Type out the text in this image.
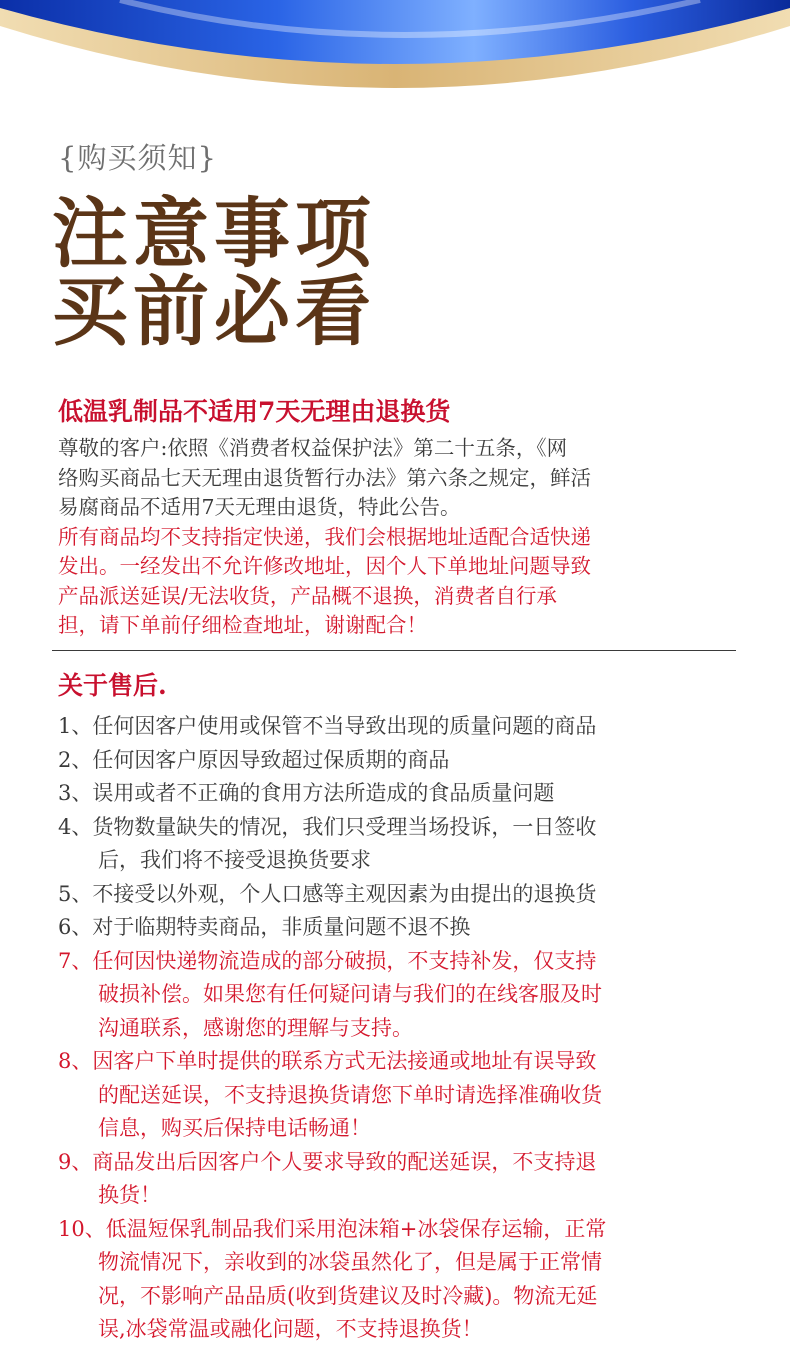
{购买须知}
注意事项
买前必看
低温乳制品不适用7天无理由退换货
尊敬的客户:依照《消费者权益保护法》第二十五条，《网
络购买商品七天无理由退货暂行办法》第六条之规定，鲜活
易腐商品不适用7天无理由退货，特此公告。
所有商品均不支持指定快递，我们会根据地址适配合适快递
发出。一经发出不允许修改地址，因个人下单地址问题导致
产品派送延误/无法收货，产品概不退换，消费者自行承
担，请下单前仔细检查地址，谢谢配合！
关于售后.
1、任何因客户使用或保管不当导致出现的质量问题的商品
2、任何因客户原因导致超过保质期的商品
3、误用或者不正确的食用方法所造成的食品质量问题
4、货物数量缺失的情况，我们只受理当场投诉，一日签收
后，我们将不接受退换货要求
5、不接受以外观，个人口感等主观因素为由提出的退换货
6、对于临期特卖商品，非质量问题不退不换
7、任何因快递物流造成的部分破损，不支持补发，仅支持
破损补偿。如果您有任何疑问请与我们的在线客服及时
沟通联系，感谢您的理解与支持。
8、因客户下单时提供的联系方式无法接通或地址有误导致
的配送延误，不支持退换货请您下单时请选择准确收货
信息，购买后保持电话畅通！
9、商品发出后因客户个人要求导致的配送延误，不支持退
换货！
10、低温短保乳制品我们采用泡沫箱+冰袋保存运输，正常
物流情况下，亲收到的冰袋虽然化了，但是属于正常情
况，不影响产品品质(收到货建议及时冷藏)。物流无延
误,冰袋常温或融化问题，不支持退换货！
